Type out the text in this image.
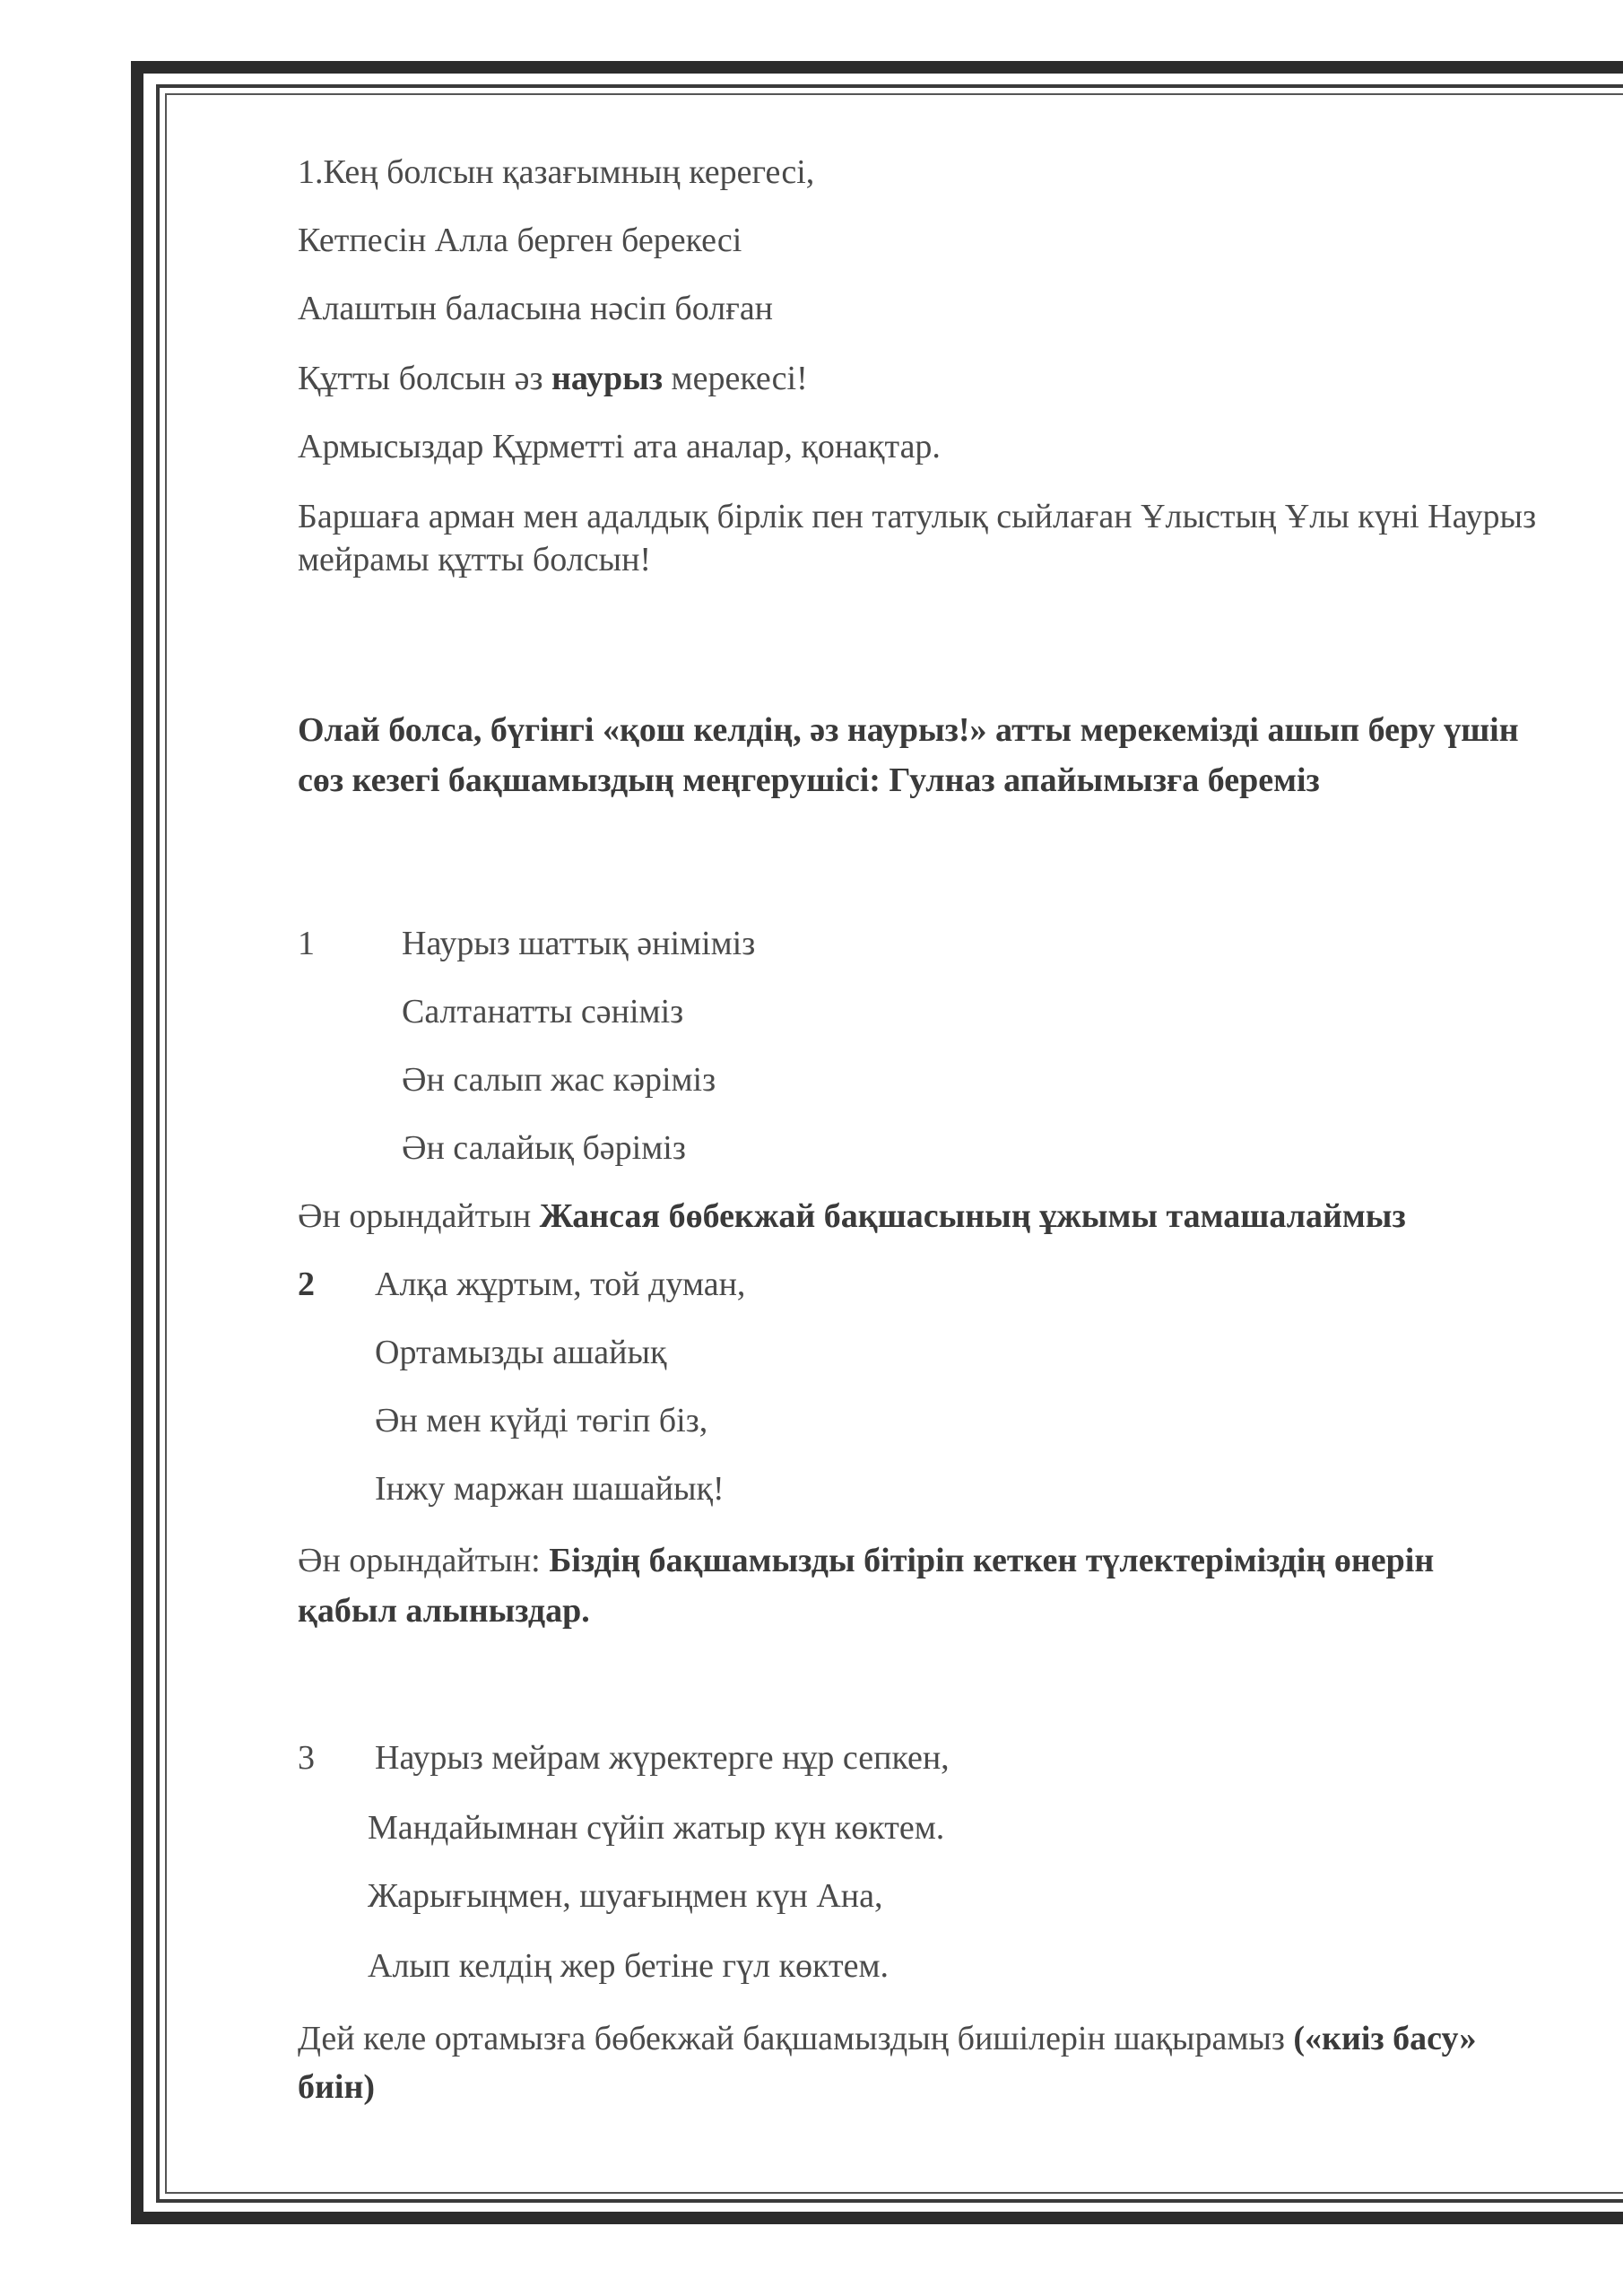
1.Кең болсын қазағымның керегесі,
Кетпесін Алла берген берекесі
Алаштын баласына нәсіп болған
Құтты болсын әз наурыз мерекесі!
Армысыздар Құрметті ата аналар, қонақтар.
Баршаға арман мен адалдық бірлік пен татулық сыйлаған Ұлыстың Ұлы күні Наурыз мейрамы құтты болсын!
Олай болса, бүгінгі «қош келдің, әз наурыз!» атты мерекемізді ашып беру үшін сөз кезегі бақшамыздың меңгерушісі: Гулназ апайымызға береміз
1	Наурыз шаттық әніміміз
Салтанатты сәніміз
Ән салып жас кәріміз
Ән салайық бәріміз
Ән орындайтын Жансая бөбекжай бақшасының ұжымы тамашалаймыз
2 Алқа жұртым, той думан,
Ортамызды ашайық
Ән мен күйді төгіп біз,
Інжу маржан шашайық!
Ән орындайтын: Біздің бақшамызды бітіріп кеткен түлектеріміздің өнерін қабыл алыныздар.
3 Наурыз мейрам жүректерге нұр сепкен,
Мандайымнан сүйіп жатыр күн көктем.
Жарығыңмен, шуағыңмен күн Ана,
Алып келдің жер бетіне гүл көктем.
Дей келе ортамызға бөбекжай бақшамыздың бишілерін шақырамыз («киіз басу» биін)
